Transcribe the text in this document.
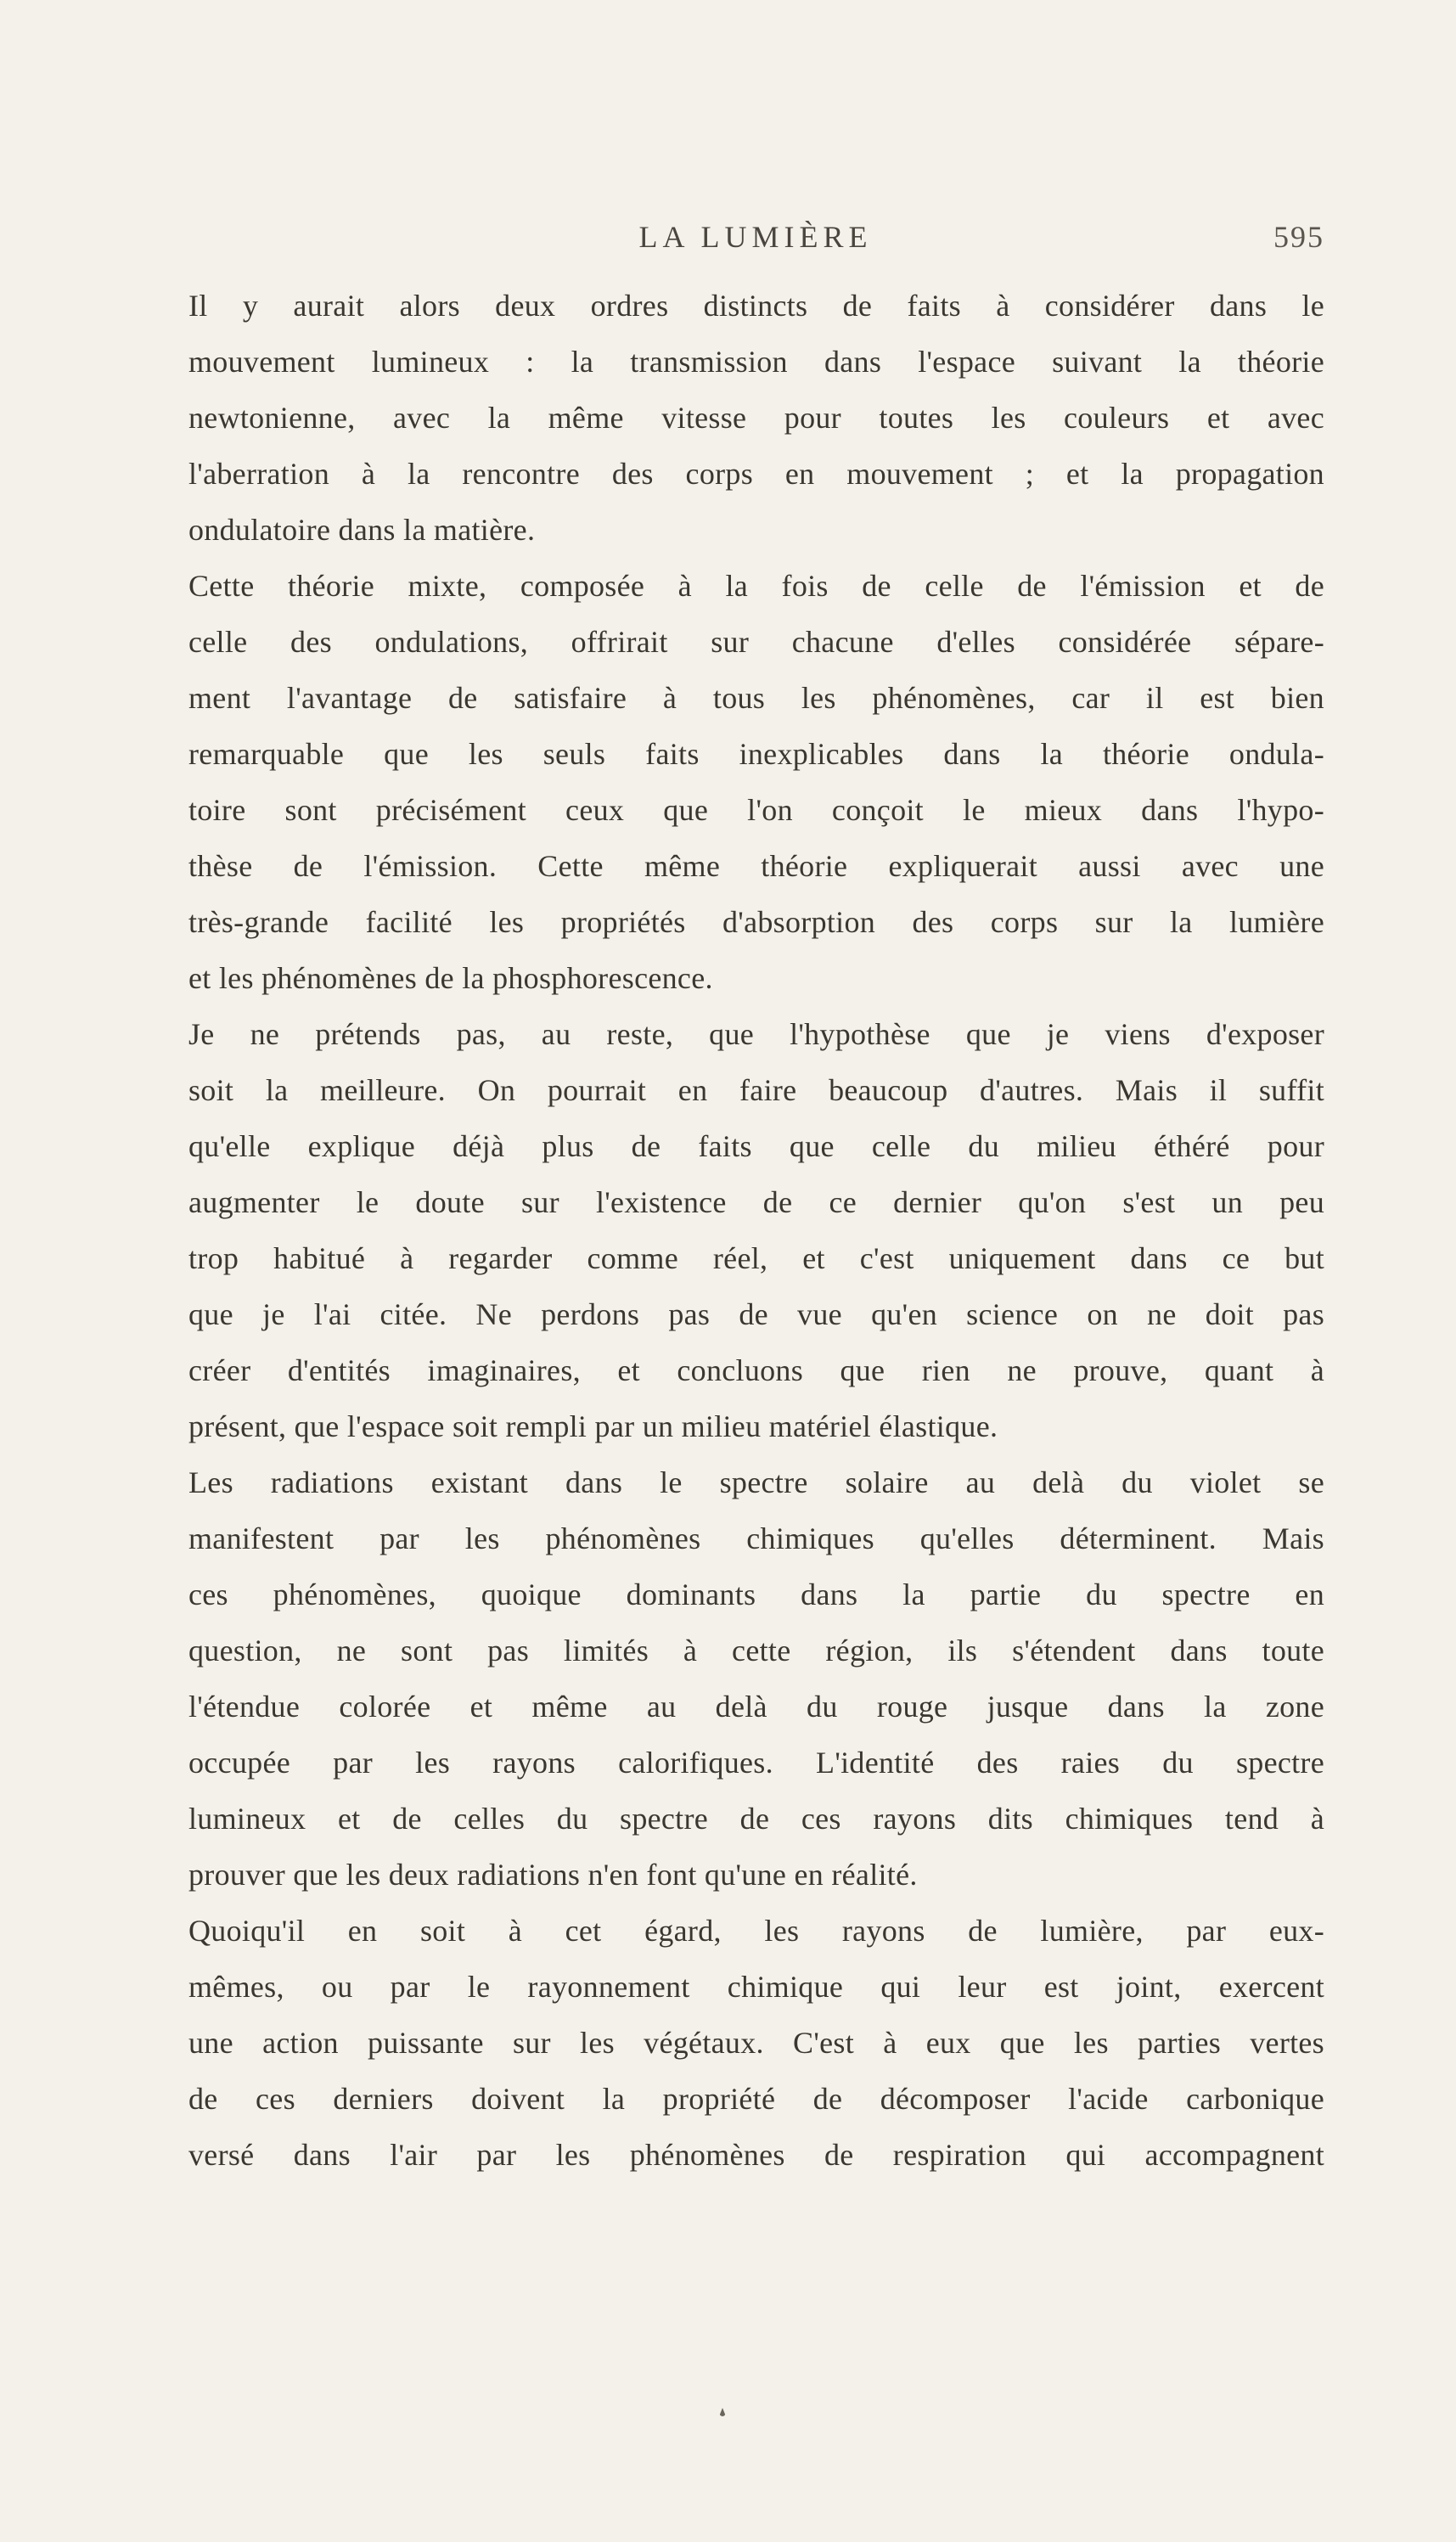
LA LUMIÈRE	595
Il y aurait alors deux ordres distincts de faits à considérer dans le
mouvement lumineux : la transmission dans l'espace suivant la théorie
newtonienne, avec la même vitesse pour toutes les couleurs et avec
l'aberration à la rencontre des corps en mouvement ; et la propagation
ondulatoire dans la matière.
Cette théorie mixte, composée à la fois de celle de l'émission et de
celle des ondulations, offrirait sur chacune d'elles considérée sépare-
ment l'avantage de satisfaire à tous les phénomènes, car il est bien
remarquable que les seuls faits inexplicables dans la théorie ondula-
toire sont précisément ceux que l'on conçoit le mieux dans l'hypo-
thèse de l'émission. Cette même théorie expliquerait aussi avec une
très-grande facilité les propriétés d'absorption des corps sur la lumière
et les phénomènes de la phosphorescence.
Je ne prétends pas, au reste, que l'hypothèse que je viens d'exposer
soit la meilleure. On pourrait en faire beaucoup d'autres. Mais il suffit
qu'elle explique déjà plus de faits que celle du milieu éthéré pour
augmenter le doute sur l'existence de ce dernier qu'on s'est un peu
trop habitué à regarder comme réel, et c'est uniquement dans ce but
que je l'ai citée. Ne perdons pas de vue qu'en science on ne doit pas
créer d'entités imaginaires, et concluons que rien ne prouve, quant à
présent, que l'espace soit rempli par un milieu matériel élastique.
Les radiations existant dans le spectre solaire au delà du violet se
manifestent par les phénomènes chimiques qu'elles déterminent. Mais
ces phénomènes, quoique dominants dans la partie du spectre en
question, ne sont pas limités à cette région, ils s'étendent dans toute
l'étendue colorée et même au delà du rouge jusque dans la zone
occupée par les rayons calorifiques. L'identité des raies du spectre
lumineux et de celles du spectre de ces rayons dits chimiques tend à
prouver que les deux radiations n'en font qu'une en réalité.
Quoiqu'il en soit à cet égard, les rayons de lumière, par eux-
mêmes, ou par le rayonnement chimique qui leur est joint, exercent
une action puissante sur les végétaux. C'est à eux que les parties vertes
de ces derniers doivent la propriété de décomposer l'acide carbonique
versé dans l'air par les phénomènes de respiration qui accompagnent
